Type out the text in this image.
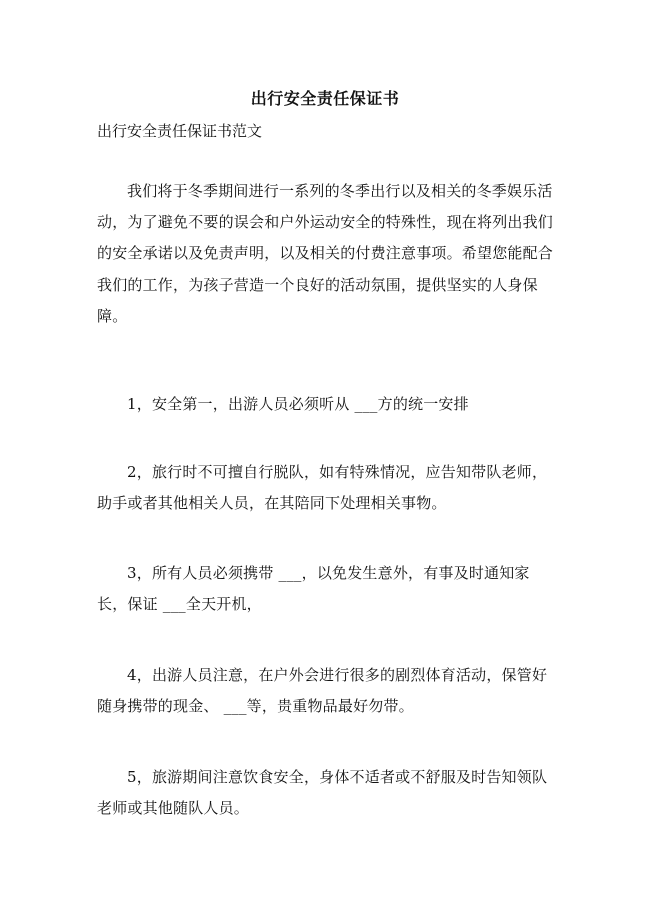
出行安全责任保证书
出行安全责任保证书范文

我们将于冬季期间进行一系列的冬季出行以及相关的冬季娱乐活动，为了避免不要的误会和户外运动安全的特殊性，现在将列出我们的安全承诺以及免责声明，以及相关的付费注意事项。希望您能配合我们的工作，为孩子营造一个良好的活动氛围，提供坚实的人身保障。

1，安全第一，出游人员必须听从 ___方的统一安排

2，旅行时不可擅自行脱队，如有特殊情况，应告知带队老师，助手或者其他相关人员，在其陪同下处理相关事物。

3，所有人员必须携带 ___，以免发生意外，有事及时通知家长，保证 ___全天开机，

4，出游人员注意，在户外会进行很多的剧烈体育活动，保管好随身携带的现金、 ___等，贵重物品最好勿带。

5，旅游期间注意饮食安全，身体不适者或不舒服及时告知领队老师或其他随队人员。
